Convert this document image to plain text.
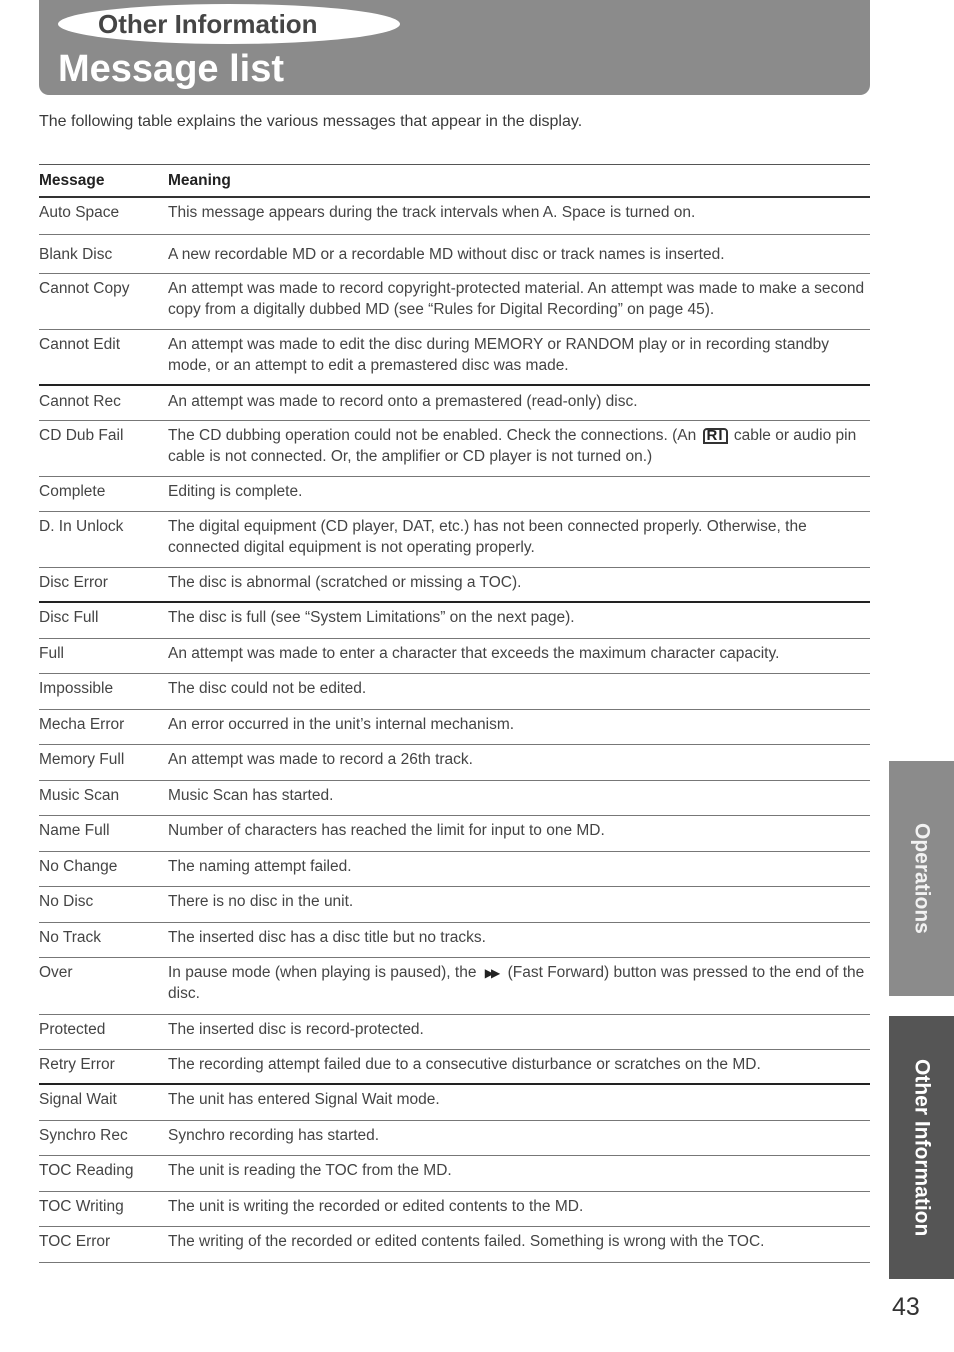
Other Information
Message list

The following table explains the various messages that appear in the display.

Message	Meaning
Auto Space	This message appears during the track intervals when A. Space is turned on.
Blank Disc	A new recordable MD or a recordable MD without disc or track names is inserted.
Cannot Copy	An attempt was made to record copyright-protected material. An attempt was made to make a second copy from a digitally dubbed MD (see “Rules for Digital Recording” on page 45).
Cannot Edit	An attempt was made to edit the disc during MEMORY or RANDOM play or in recording standby mode, or an attempt to edit a premastered disc was made.
Cannot Rec	An attempt was made to record onto a premastered (read-only) disc.
CD Dub Fail	The CD dubbing operation could not be enabled. Check the connections. (An RI cable or audio pin cable is not connected. Or, the amplifier or CD player is not turned on.)
Complete	Editing is complete.
D. In Unlock	The digital equipment (CD player, DAT, etc.) has not been connected properly. Otherwise, the connected digital equipment is not operating properly.
Disc Error	The disc is abnormal (scratched or missing a TOC).
Disc Full	The disc is full (see “System Limitations” on the next page).
Full	An attempt was made to enter a character that exceeds the maximum character capacity.
Impossible	The disc could not be edited.
Mecha Error	An error occurred in the unit’s internal mechanism.
Memory Full	An attempt was made to record a 26th track.
Music Scan	Music Scan has started.
Name Full	Number of characters has reached the limit for input to one MD.
No Change	The naming attempt failed.
No Disc	There is no disc in the unit.
No Track	The inserted disc has a disc title but no tracks.
Over	In pause mode (when playing is paused), the ▶▶ (Fast Forward) button was pressed to the end of the disc.
Protected	The inserted disc is record-protected.
Retry Error	The recording attempt failed due to a consecutive disturbance or scratches on the MD.
Signal Wait	The unit has entered Signal Wait mode.
Synchro Rec	Synchro recording has started.
TOC Reading	The unit is reading the TOC from the MD.
TOC Writing	The unit is writing the recorded or edited contents to the MD.
TOC Error	The writing of the recorded or edited contents failed. Something is wrong with the TOC.
Operations
Other Information
43
